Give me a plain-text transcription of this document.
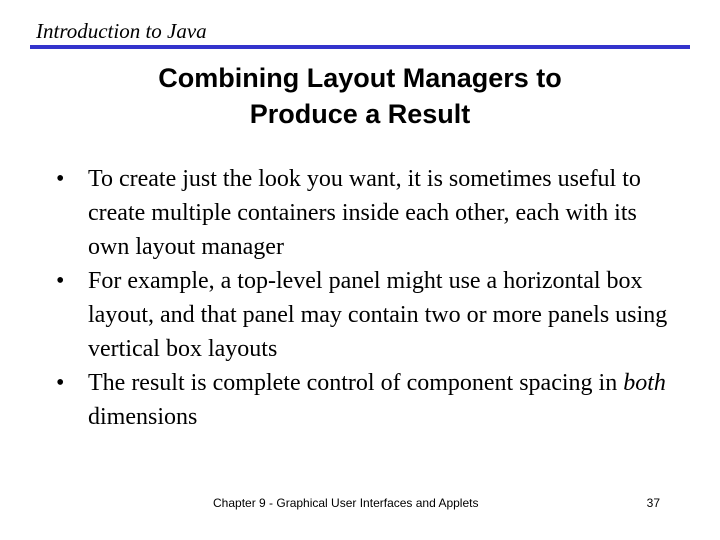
Introduction to Java
Combining Layout Managers to
Produce a Result
• To create just the look you want, it is sometimes useful to create multiple containers inside each other, each with its own layout manager
• For example, a top-level panel might use a horizontal box layout, and that panel may contain two or more panels using vertical box layouts
• The result is complete control of component spacing in both dimensions
Chapter 9 - Graphical User Interfaces and Applets	37
